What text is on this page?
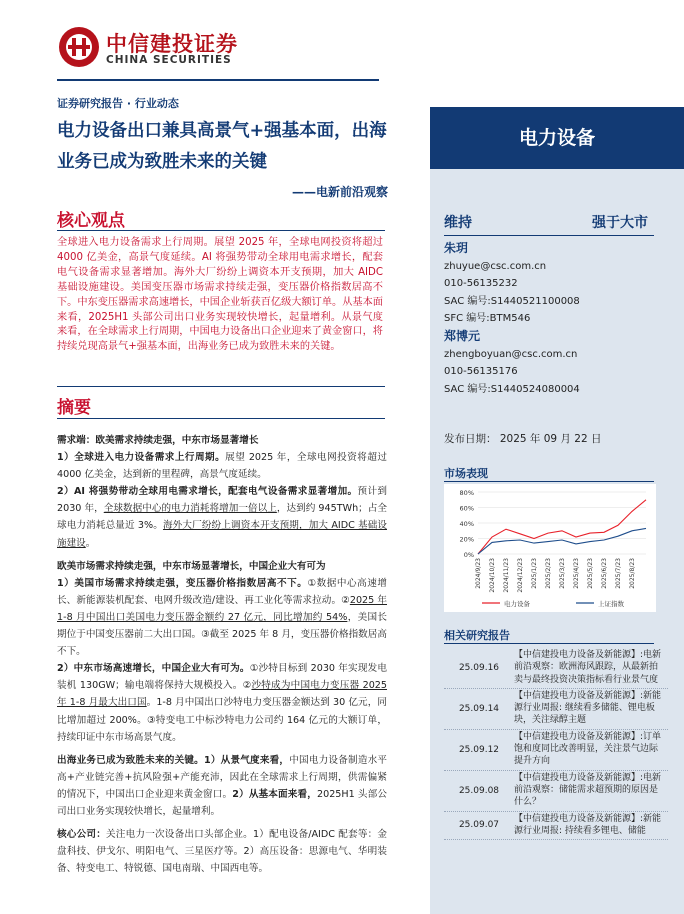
中信建投证券
CHINA SECURITIES
证券研究报告 · 行业动态
电力设备出口兼具高景气+强基本面，出海业务已成为致胜未来的关键
——电新前沿观察
核心观点
全球进入电力设备需求上行周期。展望 2025 年，全球电网投资将超过 4000 亿美金，高景气度延续。AI 将强势带动全球用电需求增长，配套电气设备需求显著增加。海外大厂纷纷上调资本开支预期，加大 AIDC 基础设施建设。美国变压器市场需求持续走强，变压器价格指数居高不下。中东变压器需求高速增长，中国企业斩获百亿级大额订单。从基本面来看，2025H1 头部公司出口业务实现较快增长，起量增利。从景气度来看，在全球需求上行周期，中国电力设备出口企业迎来了黄金窗口，将持续兑现高景气+强基本面，出海业务已成为致胜未来的关键。
摘要

需求端：欧美需求持续走强，中东市场显著增长

1）全球进入电力设备需求上行周期。展望 2025 年，全球电网投资将超过 4000 亿美金，达到新的里程碑，高景气度延续。

2）AI 将强势带动全球用电需求增长，配套电气设备需求显著增加。预计到 2030 年，全球数据中心的电力消耗将增加一倍以上，达到约 945TWh；占全球电力消耗总量近 3%。海外大厂纷纷上调资本开支预期，加大 AIDC 基础设施建设。

欧美市场需求持续走强，中东市场显著增长，中国企业大有可为

1）美国市场需求持续走强，变压器价格指数居高不下。①数据中心高速增长、新能源装机配套、电网升级改造/建设、再工业化等需求拉动。②2025 年 1-8 月中国出口美国电力变压器金额约 27 亿元，同比增加约 54%，美国长期位于中国变压器前二大出口国。③截至 2025 年 8 月，变压器价格指数居高不下。

2）中东市场高速增长，中国企业大有可为。①沙特目标到 2030 年实现发电装机 130GW；输电端将保持大规模投入。②沙特成为中国电力变压器 2025 年 1-8 月最大出口国。1-8 月中国出口沙特电力变压器金额达到 30 亿元，同比增加超过 200%。③特变电工中标沙特电力公司约 164 亿元的大额订单，持续印证中东市场高景气度。

出海业务已成为致胜未来的关键。1）从景气度来看，中国电力设备制造水平高+产业链完善+抗风险强+产能充沛，因此在全球需求上行周期，供需偏紧的情况下，中国出口企业迎来黄金窗口。2）从基本面来看，2025H1 头部公司出口业务实现较快增长，起量增利。

核心公司：关注电力一次设备出口头部企业。1）配电设备/AIDC 配套等：金盘科技、伊戈尔、明阳电气、三星医疗等。2）高压设备：思源电气、华明装备、特变电工、特锐德、国电南瑞、中国西电等。

电力设备
维持	强于大市
朱玥
zhuyue@csc.com.cn
010-56135232
SAC 编号:S1440521100008
SFC 编号:BTM546
郑博元
zhengboyuan@csc.com.cn
010-56135176
SAC 编号:S1440524080004
发布日期： 2025 年 09 月 22 日
市场表现
0%
20%
40%
60%
80%
2024/9/23 2024/10/23 2024/11/23 2024/12/23 2025/1/23 2025/2/23 2025/3/23 2025/4/23 2025/5/23 2025/6/23 2025/7/23 2025/8/23
电力设备	上证指数
相关研究报告
25.09.16
【中信建投电力设备及新能源】:电新前沿观察：欧洲海风跟踪，从最新拍卖与最终投资决策指标看行业景气度
25.09.14
【中信建投电力设备及新能源】:新能源行业周报: 继续看多储能、锂电板块，关注绿醇主题
25.09.12
【中信建投电力设备及新能源】:订单饱和度同比改善明显，关注景气边际提升方向
25.09.08
【中信建投电力设备及新能源】:电新前沿观察：储能需求超预期的原因是什么？
25.09.07
【中信建投电力设备及新能源】:新能源行业周报: 持续看多锂电、储能
